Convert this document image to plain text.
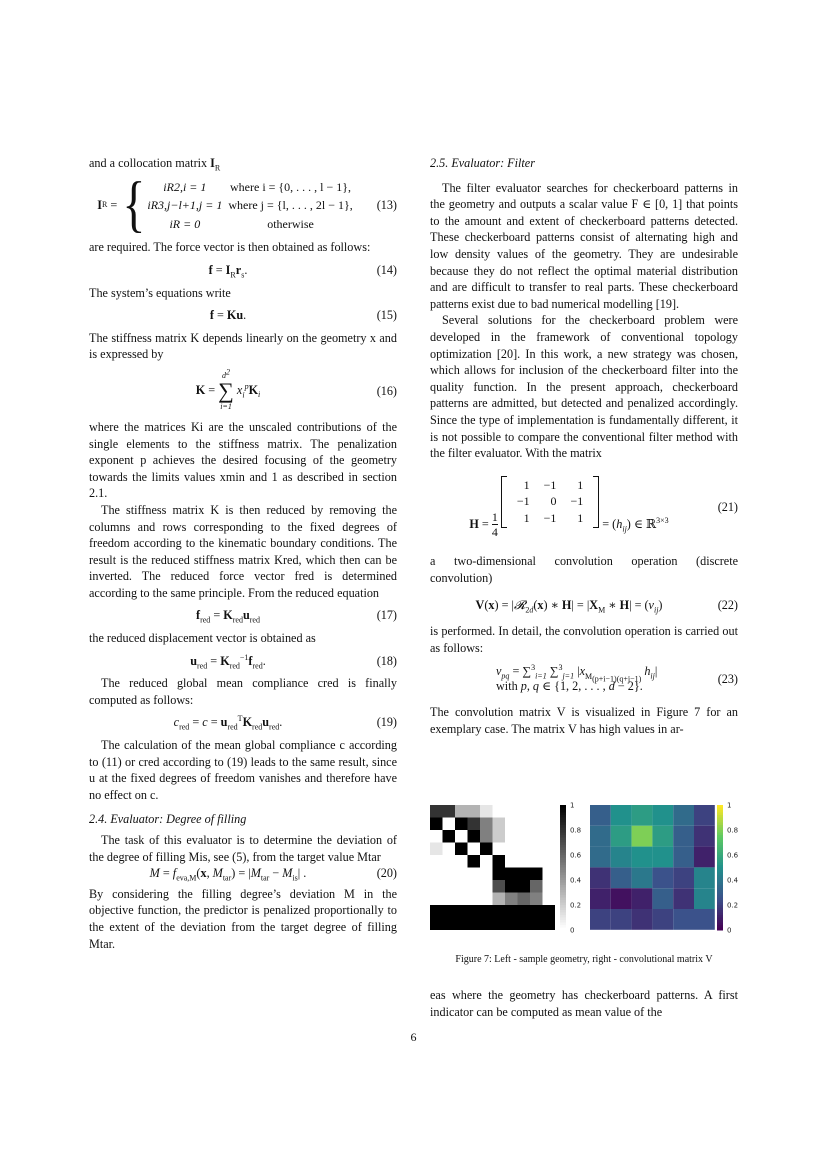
and a collocation matrix $I_R$

I R = { iR2,i = 1	where i = {0, . . . , l − 1},
iR3,j−l+1,j = 1	where j = {l, . . . , 2l − 1},
iR = 0	otherwise
(13)

are required. The force vector is then obtained as follows:

$f = I_Rr_s$.	(14)

The system’s equations write

f = Ku.	(15)

The stiffness matrix K depends linearly on the geometry x and is expressed by

K =
$d^2$
∑
i=1
$x_i^pK_i$	(16)

where the matrices Ki are the unscaled contributions of the single elements to the stiffness matrix. The penalization exponent p achieves the desired focusing of the geometry towards the limits values xmin and 1 as described in section 2.1.

The stiffness matrix K is then reduced by removing the columns and rows corresponding to the fixed degrees of freedom according to the kinematic boundary conditions. The result is the reduced stiffness matrix Kred, which then can be inverted. The reduced force vector fred is determined according to the same principle. From the reduced equation

$f_{red} = K_{red}u_{red}$	(17)

the reduced displacement vector is obtained as

$u_{red} = K_{red}^{-1}f_{red}$.	(18)

The reduced global mean compliance cred is finally computed as follows:

$c_{red} = c = u_{red}^TK_{red}u_{red}$.	(19)

The calculation of the mean global compliance c according to (11) or cred according to (19) leads to the same result, since u at the fixed degrees of freedom vanishes and therefore have no effect on c.

2.4. Evaluator: Degree of filling

The task of this evaluator is to determine the deviation of the degree of filling Mis, see (5), from the target value Mtar

$M = f_{eva,M}(x$, $M_{tar}) = |M_{tar} - M_{is}|$ .	(20)

By considering the filling degree’s deviation M in the objective function, the predictor is penalized proportionally to the extent of the deviation from the target degree of filling Mtar.

2.5. Evaluator: Filter

The filter evaluator searches for checkerboard patterns in the geometry and outputs a scalar value F ∈ [0, 1] that points to the amount and extent of checkerboard patterns detected. These checkerboard patterns consist of alternating high and low density values of the geometry. They are undesirable because they do not reflect the optimal material distribution and are difficult to transfer to real parts. These checkerboard patterns exist due to bad numerical modelling [19].

Several solutions for the checkerboard problem were developed in the framework of conventional topology optimization [20]. In this work, a new strategy was chosen, which allows for inclusion of the checkerboard filter into the quality function. In the present approach, checkerboard patterns are admitted, but detected and penalized accordingly. Since the type of implementation is fundamentally different, it is not possible to compare the conventional filter method with the filter evaluator. With the matrix

$H = \frac{1}{4}$

1	−1	1
−1	0	−1
1	−1	$1 = (h_{ij})$ ∈ ℝ$^{3\times 3}$
(21)

a two-dimensional convolution operation (discrete convolution)

V(x) = |𝓡$_{2d}$(x) ∗ $H| = |X_M$ ∗ $H| = (v_{ij})$	(22)

is performed. In detail, the convolution operation is carried out as follows:

$v_{pq} = \sum^3_{i=1}$ ∑$^3_{j=1}$ $|x_{M_{(p+i-1)(q+j-1)}}$ $h_{ij}|$
with p, q ∈ {1, 2, . . . , d − 2}.
(23)

The convolution matrix V is visualized in Figure 7 for an exemplary case. The matrix V has high values in ar-

0
0.2
0.4
0.6
0.8
1
0
0.2
0.4
0.6
0.8
1
Figure 7: Left - sample geometry, right - convolutional matrix V

eas where the geometry has checkerboard patterns. A first indicator can be computed as mean value of the

6
